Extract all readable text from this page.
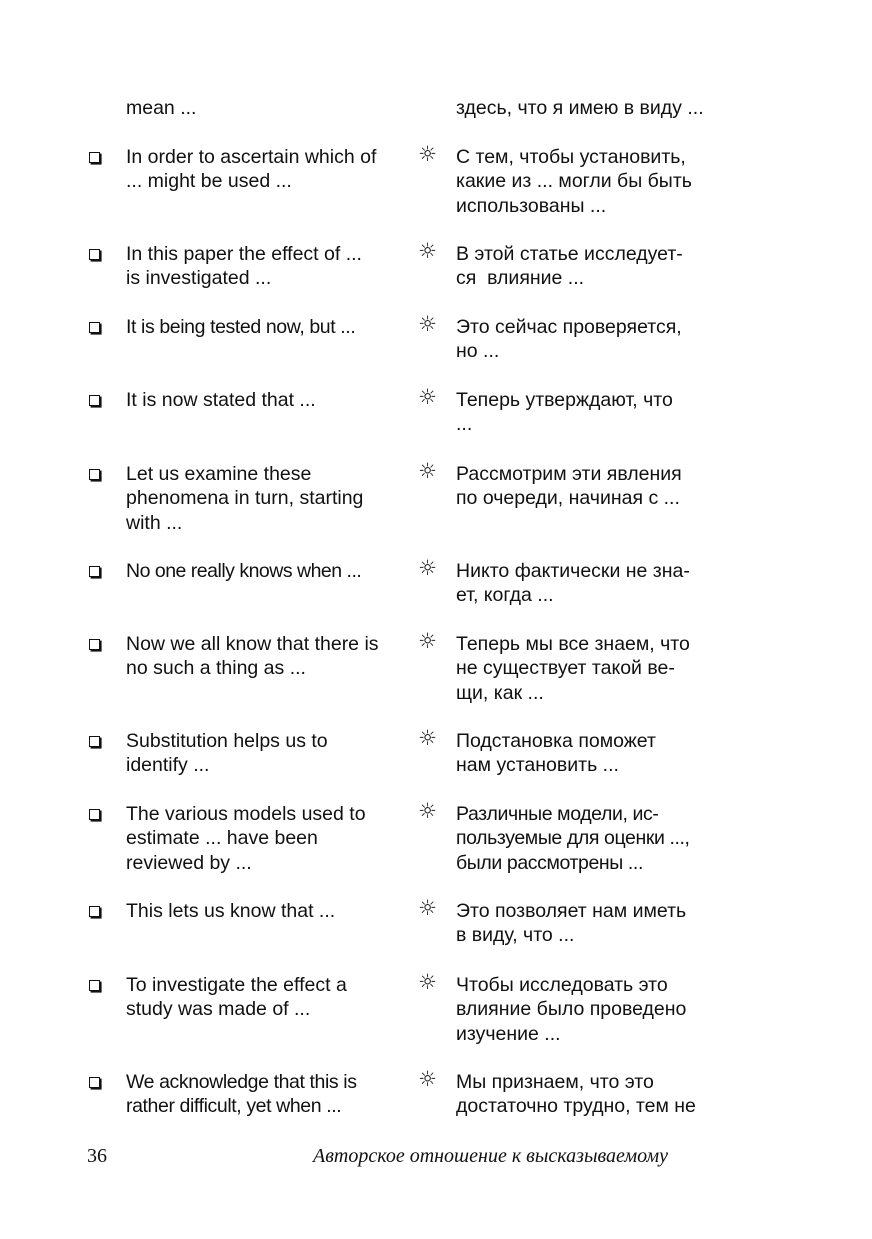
mean ...	здесь, что я имею в виду ...
In order to ascertain which of
... might be used ...
☼ С тем, чтобы установить,
какие из ... могли бы быть
использованы ...
In this paper the effect of ...
is investigated ...
☼ В этой статье исследует-
ся  влияние ...
It is being tested now, but ...	☼ Это сейчас проверяется,
но ...
It is now stated that ...	☼ Теперь утверждают, что
...
Let us examine these
phenomena in turn, starting
with ...
☼ Рассмотрим эти явления
по очереди, начиная с ...
No one really knows when ...	☼ Никто фактически не зна-
ет, когда ...
Now we all know that there is
no such a thing as ...
☼ Теперь мы все знаем, что
не существует такой ве-
щи, как ...
Substitution helps us to
identify ...
☼ Подстановка поможет
нам установить ...
The various models used to
estimate ... have been
reviewed by ...
☼ Различные модели, ис-
пользуемые для оценки ...,
были рассмотрены ...
This lets us know that ...	☼ Это позволяет нам иметь
в виду, что ...
To investigate the effect a
study was made of ...
☼ Чтобы исследовать это
влияние было проведено
изучение ...
We acknowledge that this is
rather difficult, yet when ...
☼ Мы признаем, что это
достаточно трудно, тем не
36	Авторское отношение к высказываемому
